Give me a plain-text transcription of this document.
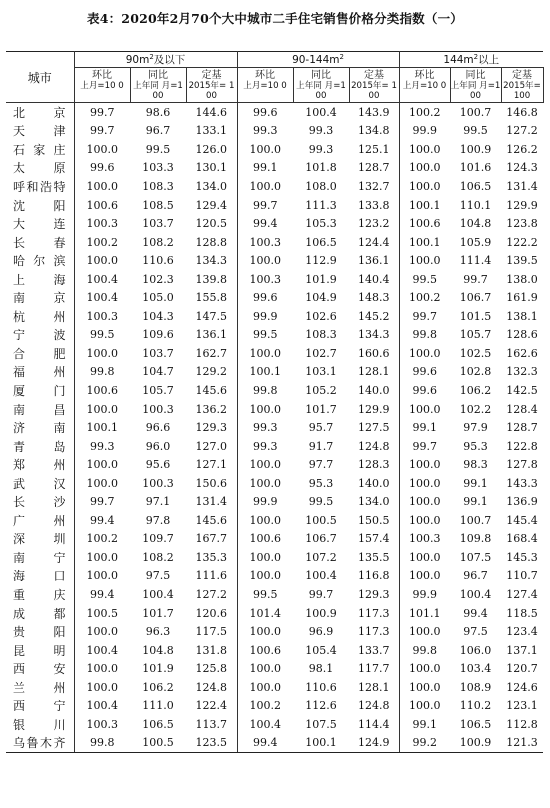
表4：2020年2月70个大中城市二手住宅销售价格分类指数（一）
城市	$90m^2$及以下			$90-144m^2$			$144m^2$以上		
	环比	同比	定基	环比	同比	定基	环比	同比	定基
	上月=10 0	上年同 月=100	2015年= 100	上月=10 0	上年同 月=100	2015年= 100	上月=10 0	上年同 月=100	2015年= 100
北京	99.7	98.6	144.6	99.6	100.4	143.9	100.2	100.7	146.8
天津	99.7	96.7	133.1	99.3	99.3	134.8	99.9	99.5	127.2
石家庄	100.0	99.5	126.0	100.0	99.3	125.1	100.0	100.9	126.2
太原	99.6	103.3	130.1	99.1	101.8	128.7	100.0	101.6	124.3
呼和浩特	100.0	108.3	134.0	100.0	108.0	132.7	100.0	106.5	131.4
沈阳	100.6	108.5	129.4	99.7	111.3	133.8	100.1	110.1	129.9
大连	100.3	103.7	120.5	99.4	105.3	123.2	100.6	104.8	123.8
长春	100.2	108.2	128.8	100.3	106.5	124.4	100.1	105.9	122.2
哈尔滨	100.0	110.6	134.3	100.0	112.9	136.1	100.0	111.4	139.5
上海	100.4	102.3	139.8	100.3	101.9	140.4	99.5	99.7	138.0
南京	100.4	105.0	155.8	99.6	104.9	148.3	100.2	106.7	161.9
杭州	100.3	104.3	147.5	99.9	102.6	145.2	99.7	101.5	138.1
宁波	99.5	109.6	136.1	99.5	108.3	134.3	99.8	105.7	128.6
合肥	100.0	103.7	162.7	100.0	102.7	160.6	100.0	102.5	162.6
福州	99.8	104.7	129.2	100.1	103.1	128.1	99.6	102.8	132.3
厦门	100.6	105.7	145.6	99.8	105.2	140.0	99.6	106.2	142.5
南昌	100.0	100.3	136.2	100.0	101.7	129.9	100.0	102.2	128.4
济南	100.1	96.6	129.3	99.3	95.7	127.5	99.1	97.9	128.7
青岛	99.3	96.0	127.0	99.3	91.7	124.8	99.7	95.3	122.8
郑州	100.0	95.6	127.1	100.0	97.7	128.3	100.0	98.3	127.8
武汉	100.0	100.3	150.6	100.0	95.3	140.0	100.0	99.1	143.3
长沙	99.7	97.1	131.4	99.9	99.5	134.0	100.0	99.1	136.9
广州	99.4	97.8	145.6	100.0	100.5	150.5	100.0	100.7	145.4
深圳	100.2	109.7	167.7	100.6	106.7	157.4	100.3	109.8	168.4
南宁	100.0	108.2	135.3	100.0	107.2	135.5	100.0	107.5	145.3
海口	100.0	97.5	111.6	100.0	100.4	116.8	100.0	96.7	110.7
重庆	99.4	100.4	127.2	99.5	99.7	129.3	99.9	100.4	127.4
成都	100.5	101.7	120.6	101.4	100.9	117.3	101.1	99.4	118.5
贵阳	100.0	96.3	117.5	100.0	96.9	117.3	100.0	97.5	123.4
昆明	100.4	104.8	131.8	100.6	105.4	133.7	99.8	106.0	137.1
西安	100.0	101.9	125.8	100.0	98.1	117.7	100.0	103.4	120.7
兰州	100.0	106.2	124.8	100.0	110.6	128.1	100.0	108.9	124.6
西宁	100.4	111.0	122.4	100.2	112.6	124.8	100.0	110.2	123.1
银川	100.3	106.5	113.7	100.4	107.5	114.4	99.1	106.5	112.8
乌鲁木齐	99.8	100.5	123.5	99.4	100.1	124.9	99.2	100.9	121.3
